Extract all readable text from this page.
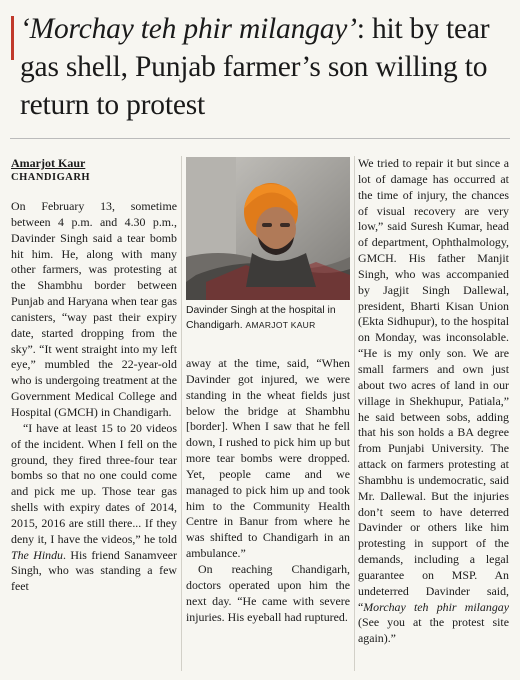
‘Morchay teh phir milangay’: hit by tear gas shell, Punjab farmer’s son willing to return to protest

Amarjot Kaur

CHANDIGARH

On February 13, sometime between 4 p.m. and 4.30 p.m., Davinder Singh said a tear bomb hit him. He, along with many other farmers, was protesting at the Shambhu border between Punjab and Haryana when tear gas canisters, “way past their expiry date, started dropping from the sky”. “It went straight into my left eye,” mumbled the 22-year-old who is undergoing treatment at the Government Medical College and Hospital (GMCH) in Chandigarh.

“I have at least 15 to 20 videos of the incident. When I fell on the ground, they fired three-four tear bombs so that no one could come and pick me up. Those tear gas shells with expiry dates of 2014, 2015, 2016 are still there... If they deny it, I have the videos,” he told The Hindu. His friend Sanamveer Singh, who was standing a few feet

Davinder Singh at the hospital in Chandigarh. AMARJOT KAUR

away at the time, said, “When Davinder got injured, we were standing in the wheat fields just below the bridge at Shambhu [border]. When I saw that he fell down, I rushed to pick him up but more tear bombs were dropped. Yet, people came and we managed to pick him up and took him to the Community Health Centre in Banur from where he was shifted to Chandigarh in an ambulance.”

On reaching Chandigarh, doctors operated upon him the next day. “He came with severe injuries. His eyeball had ruptured.

We tried to repair it but since a lot of damage has occurred at the time of injury, the chances of visual recovery are very low,” said Suresh Kumar, head of department, Ophthalmology, GMCH. His father Manjit Singh, who was accompanied by Jagjit Singh Dallewal, president, Bharti Kisan Union (Ekta Sidhupur), to the hospital on Monday, was inconsolable. “He is my only son. We are small farmers and own just about two acres of land in our village in Shekhupur, Patiala,” he said between sobs, adding that his son holds a BA degree from Punjabi University. The attack on farmers protesting at Shambhu is undemocratic, said Mr. Dallewal. But the injuries don’t seem to have deterred Davinder or others like him protesting in support of the demands, including a legal guarantee on MSP. An undeterred Davinder said, “Morchay teh phir milangay (See you at the protest site again).”
